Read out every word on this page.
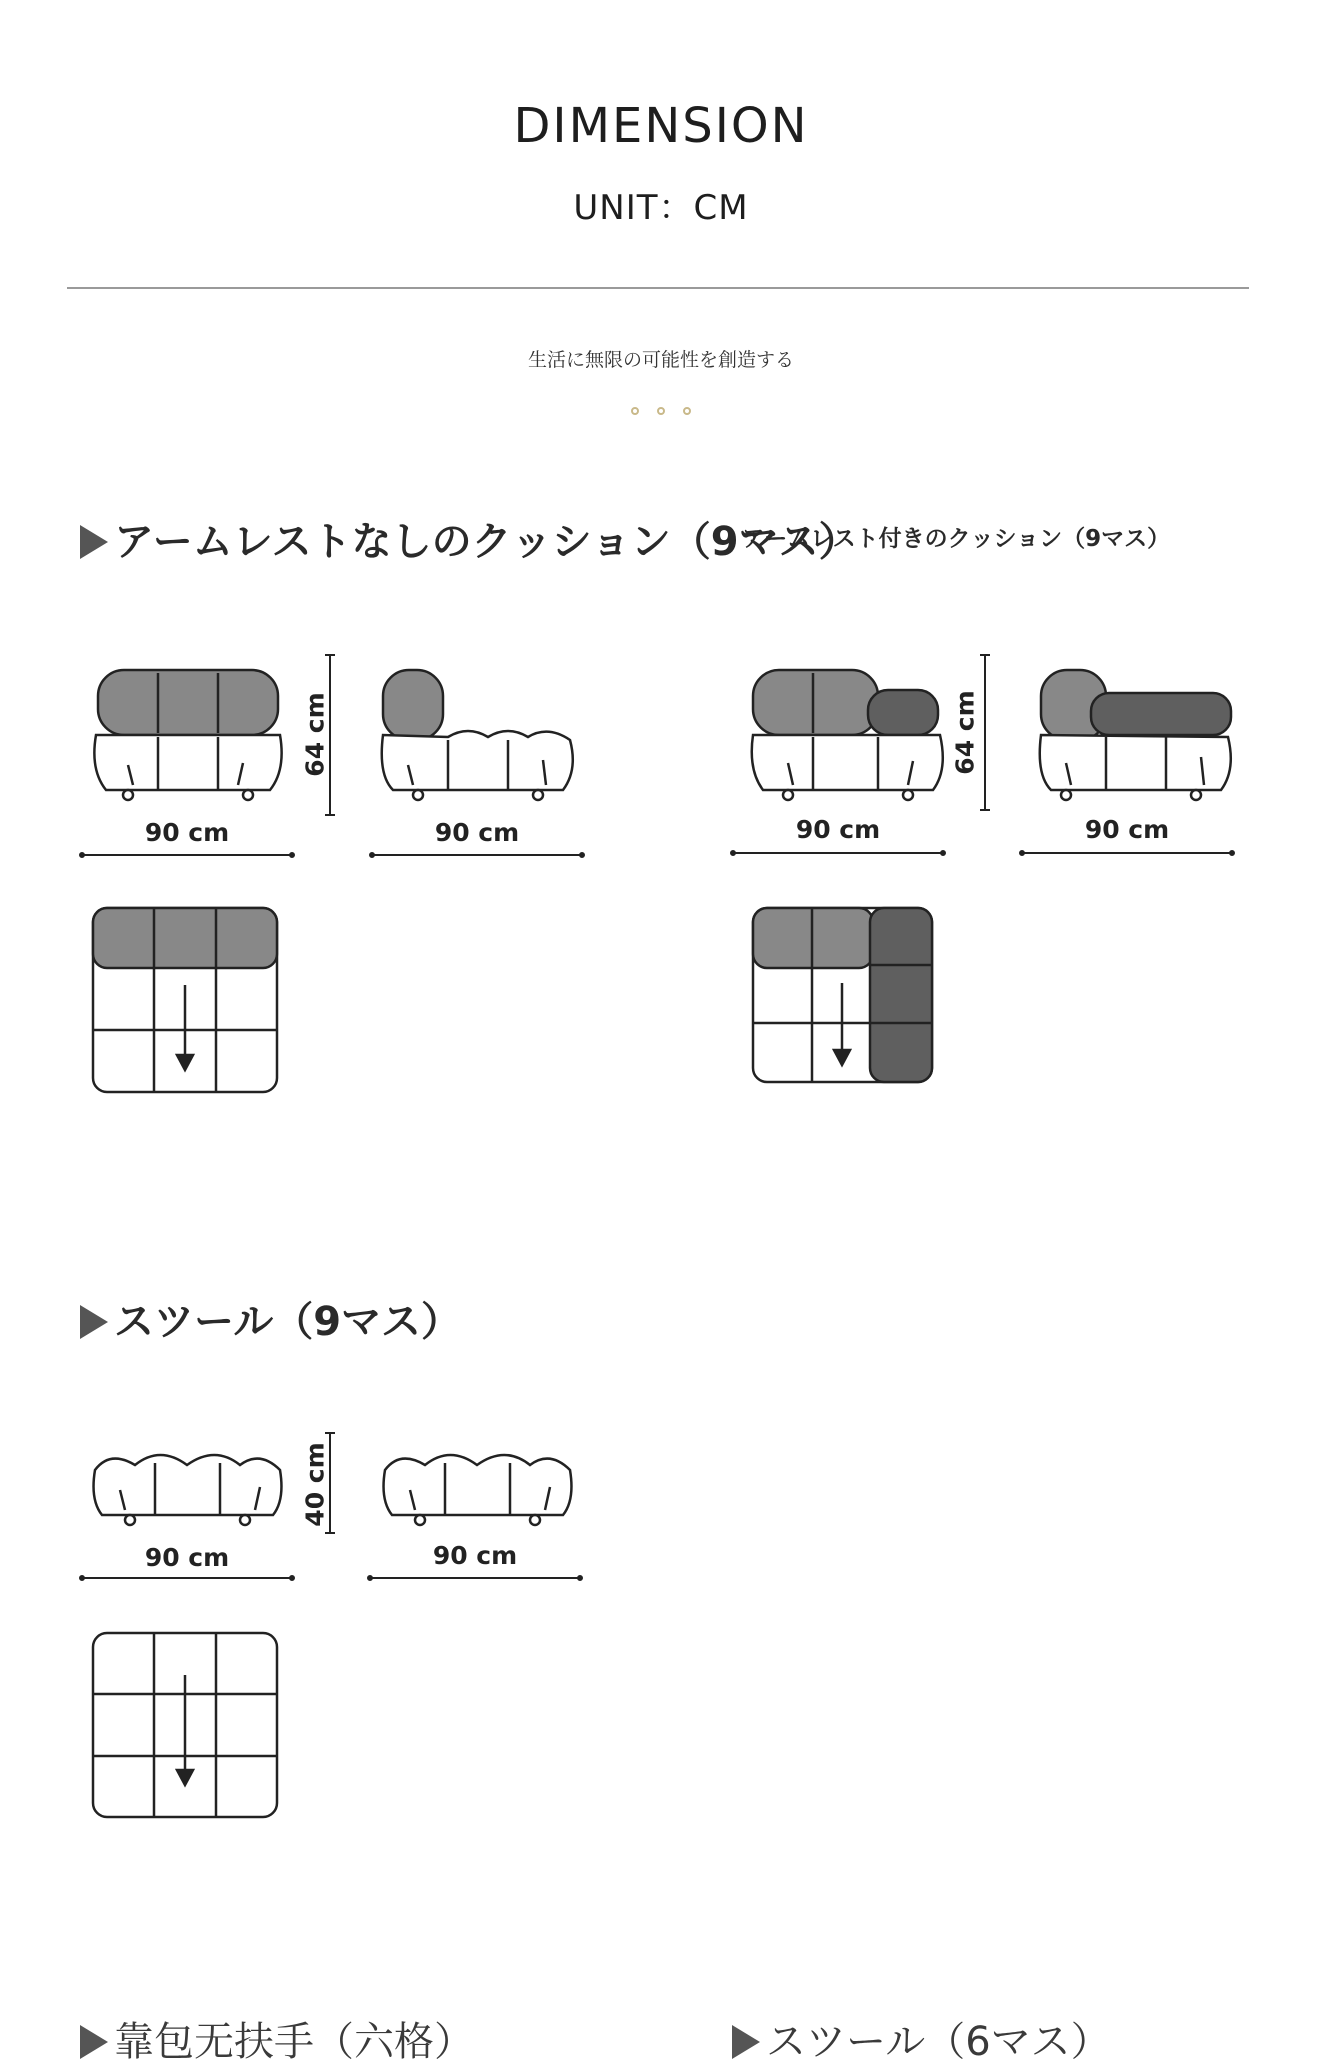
DIMENSION
UNIT：CM
生活に無限の可能性を創造する
アームレストなしのクッション（9マス）
アームレスト付きのクッション（9マス）
スツール（9マス）
靠包无扶手（六格）	スツール（6マス）
64 cm
90 cm	90 cm
64 cm
90 cm	90 cm
40 cm
90 cm	90 cm
